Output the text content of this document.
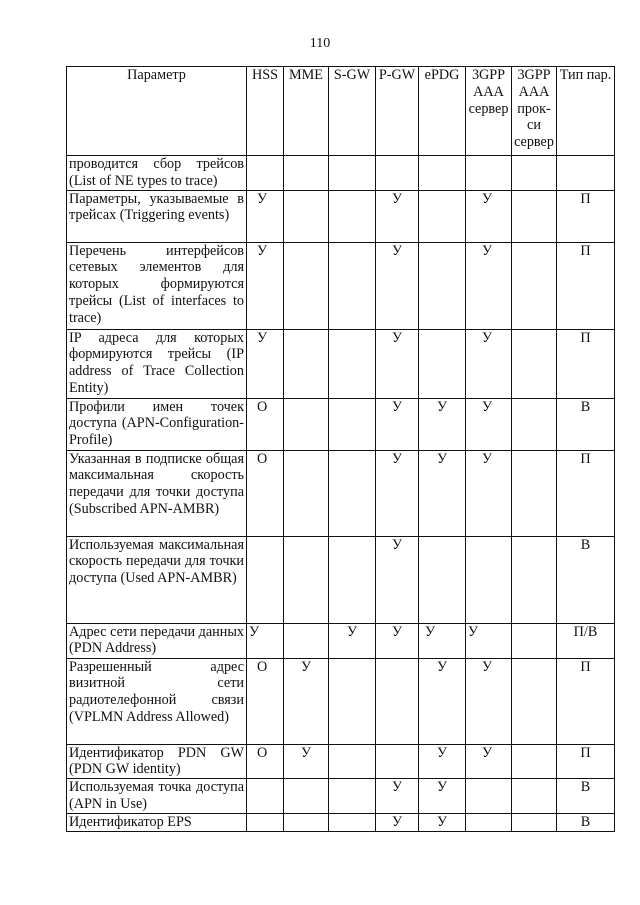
110
Параметр	HSS	MME	S-GW	P-GW	ePDG	3GPP AAA сервер	3GPP AAA прок-си сервер	Тип пар.
проводится сбор трейсов (List of NE types to trace)								
Параметры, указываемые в трейсах (Triggering events)	У			У		У		П
Перечень интерфейсов сетевых элементов для которых формируются трейсы (List of interfaces to trace)	У			У		У		П
IP адреса для которых формируются трейсы (IP address of Trace Collection Entity)	У			У		У		П
Профили имен точек доступа (APN-Configuration-Profile)	О			У	У	У		В
Указанная в подписке общая максимальная скорость передачи для точки доступа (Subscribed APN-AMBR)	О			У	У	У		П
Используемая максимальная скорость передачи для точки доступа (Used APN-AMBR)				У				В
Адрес сети передачи данных (PDN Address)	У		У	У	У	У		П/В
Разрешенный адрес визитной сети радиотелефонной связи (VPLMN Address Allowed)	О	У			У	У		П
Идентификатор PDN GW (PDN GW identity)	О	У			У	У		П
Используемая точка доступа (APN in Use)				У	У			В
Идентификатор EPS				У	У			В
